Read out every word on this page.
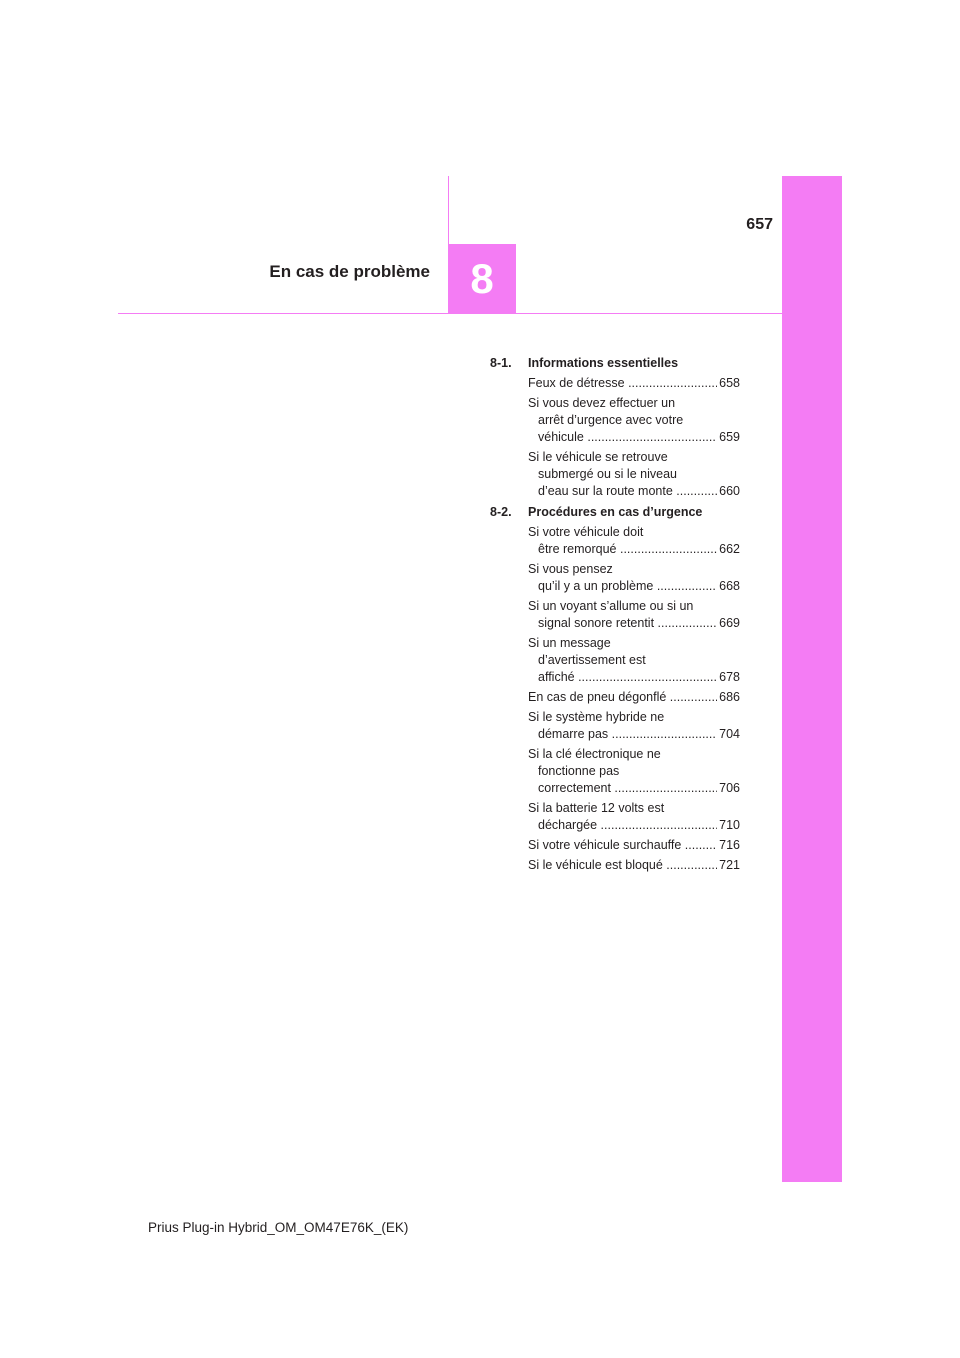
8
En cas de problème
657
8-1.	Informations essentielles
Feux de détresse .....	658
Si vous devez effectuer un
arrêt d’urgence avec votre
véhicule .....	659
Si le véhicule se retrouve
submergé ou si le niveau
d’eau sur la route monte .....	660
8-2.	Procédures en cas d’urgence
Si votre véhicule doit
être remorqué .....	662
Si vous pensez
qu’il y a un problème .....	668
Si un voyant s’allume ou si un
signal sonore retentit .....	669
Si un message
d’avertissement est
affiché .....	678
En cas de pneu dégonflé .....	686
Si le système hybride ne
démarre pas .....	704
Si la clé électronique ne
fonctionne pas
correctement .....	706
Si la batterie 12 volts est
déchargée .....	710
Si votre véhicule surchauffe .....	716
Si le véhicule est bloqué .....	721
Prius Plug-in Hybrid_OM_OM47E76K_(EK)
